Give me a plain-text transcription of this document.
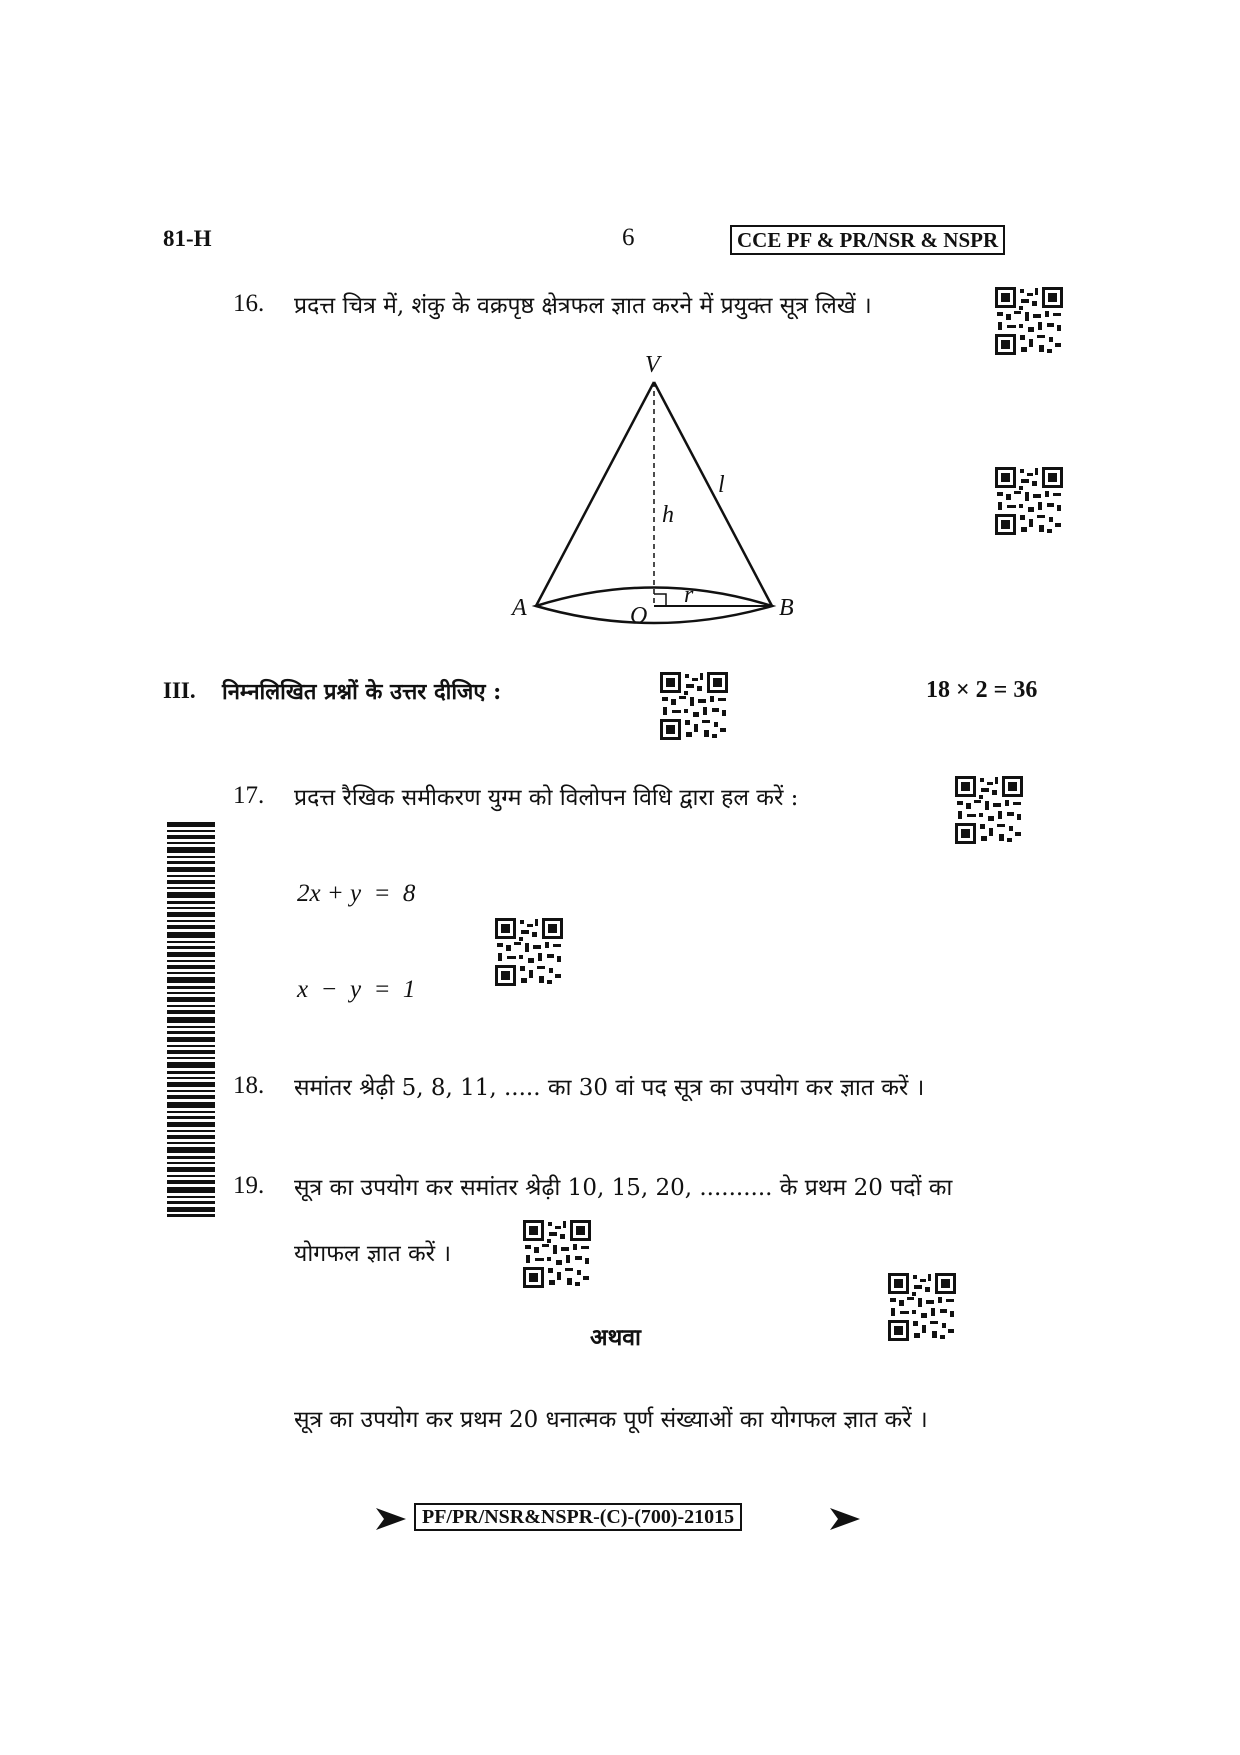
81-H	6	CCE PF & PR/NSR & NSPR
16. प्रदत्त चित्र में, शंकु के वक्रपृष्ठ क्षेत्रफल ज्ञात करने में प्रयुक्त सूत्र लिखें ।
V
l
h
A	O
r	B
III. निम्नलिखित प्रश्नों के उत्तर दीजिए :	18 × 2 = 36
17. प्रदत्त रैखिक समीकरण युग्म को विलोपन विधि द्वारा हल करें :
2x + y  =  8
x  −  y  =  1
18. समांतर श्रेढ़ी 5, 8, 11, ..... का 30 वां पद सूत्र का उपयोग कर ज्ञात करें ।
19. सूत्र का उपयोग कर समांतर श्रेढ़ी 10, 15, 20, .......... के प्रथम 20 पदों का
योगफल ज्ञात करें ।
अथवा
सूत्र का उपयोग कर प्रथम 20 धनात्मक पूर्ण संख्याओं का योगफल ज्ञात करें ।
PF/PR/NSR&NSPR-(C)-(700)-21015
